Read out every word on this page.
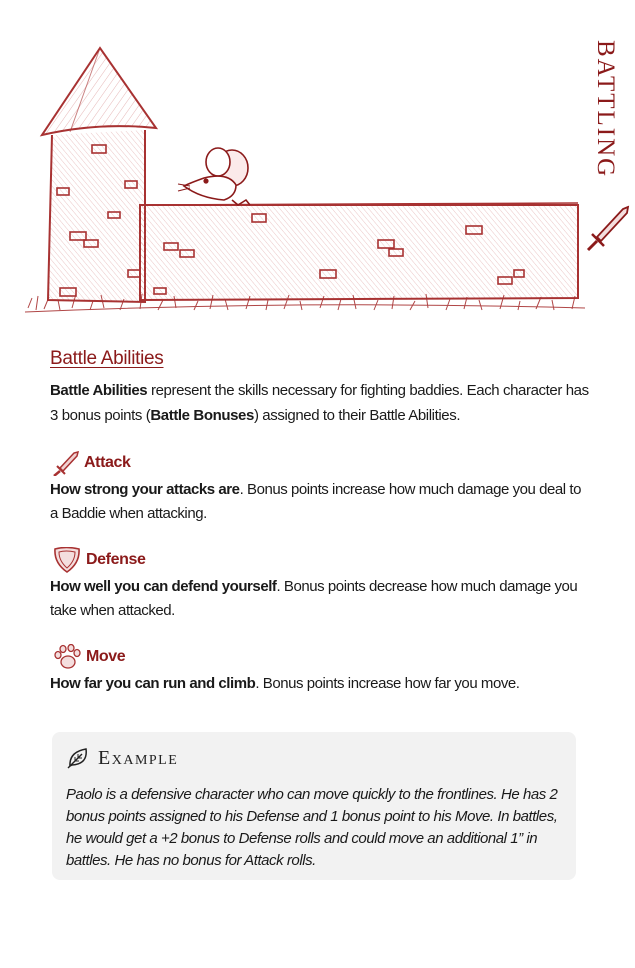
BATTLING
Battle Abilities
Battle Abilities represent the skills necessary for fighting baddies. Each character has 3 bonus points (Battle Bonuses) assigned to their Battle Abilities.
Attack
How strong your attacks are. Bonus points increase how much damage you deal to a Baddie when attacking.
Defense
How well you can defend yourself. Bonus points decrease how much damage you take when attacked.
Move
How far you can run and climb. Bonus points increase how far you move.
Example
Paolo is a defensive character who can move quickly to the frontlines. He has 2 bonus points assigned to his Defense and 1 bonus point to his Move. In battles, he would get a +2 bonus to Defense rolls and could move an additional 1” in battles. He has no bonus for Attack rolls.
